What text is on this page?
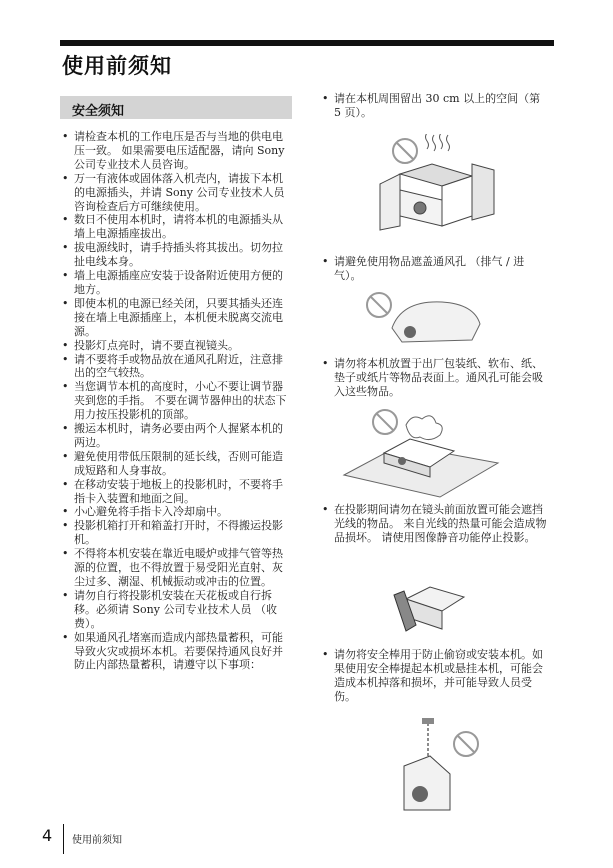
使用前须知
安全须知
• 请检查本机的工作电压是否与当地的供电电压一致。 如果需要电压适配器，请向 Sony 公司专业技术人员咨询。
• 万一有液体或固体落入机壳内，请拔下本机的电源插头，并请 Sony 公司专业技术人员咨询检查后方可继续使用。
• 数日不使用本机时，请将本机的电源插头从墙上电源插座拔出。
• 拔电源线时，请手持插头将其拔出。切勿拉扯电线本身。
• 墙上电源插座应安装于设备附近使用方便的地方。
• 即使本机的电源已经关闭，只要其插头还连接在墙上电源插座上，本机便未脱离交流电源。
• 投影灯点亮时，请不要直视镜头。
• 请不要将手或物品放在通风孔附近，注意排出的空气较热。
• 当您调节本机的高度时，小心不要让调节器夹到您的手指。 不要在调节器伸出的状态下用力按压投影机的顶部。
• 搬运本机时，请务必要由两个人握紧本机的两边。
• 避免使用带低压限制的延长线，否则可能造成短路和人身事故。
• 在移动安装于地板上的投影机时，不要将手指卡入装置和地面之间。
• 小心避免将手指卡入冷却扇中。
• 投影机箱打开和箱盖打开时，不得搬运投影机。
• 不得将本机安装在靠近电暖炉或排气管等热源的位置，也不得放置于易受阳光直射、灰尘过多、潮湿、机械振动或冲击的位置。
• 请勿自行将投影机安装在天花板或自行拆移。必须请 Sony 公司专业技术人员 （收费）。
• 如果通风孔堵塞而造成内部热量蓄积，可能导致火灾或损坏本机。若要保持通风良好并防止内部热量蓄积，请遵守以下事项：
• 请在本机周围留出 30 cm 以上的空间（第 5 页）。
• 请避免使用物品遮盖通风孔 （排气 / 进气）。
• 请勿将本机放置于出厂包装纸、软布、纸、垫子或纸片等物品表面上。通风孔可能会吸入这些物品。
• 在投影期间请勿在镜头前面放置可能会遮挡光线的物品。 来自光线的热量可能会造成物品损坏。 请使用图像静音功能停止投影。
• 请勿将安全棒用于防止偷窃或安装本机。如果使用安全棒提起本机或悬挂本机，可能会造成本机掉落和损坏，并可能导致人员受伤。
4 使用前须知
